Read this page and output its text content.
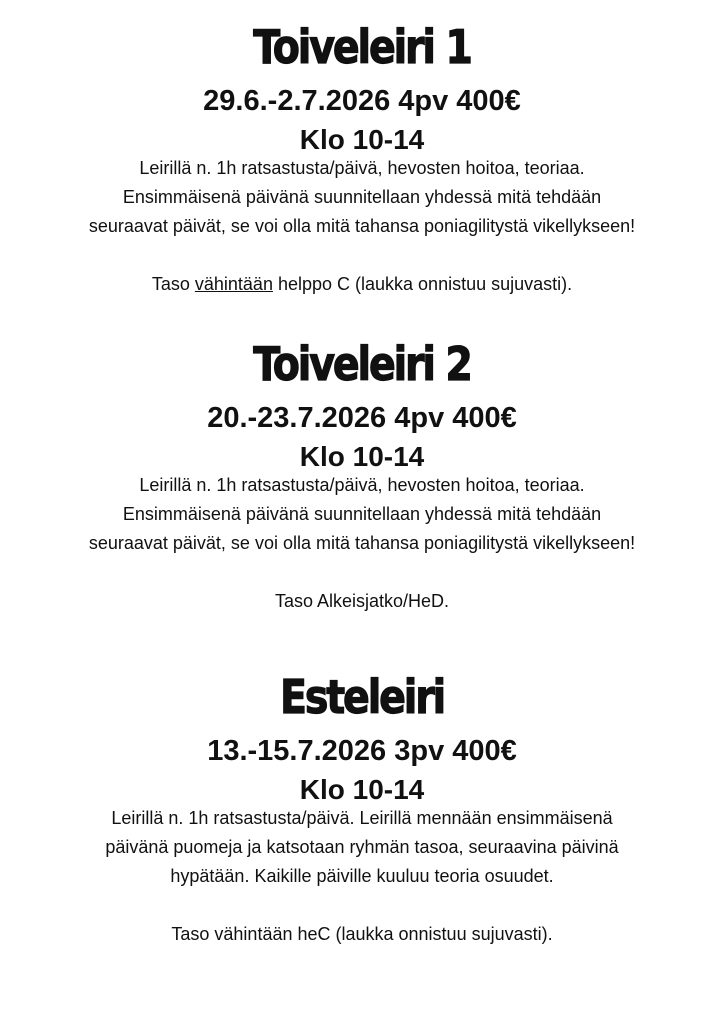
Toiveleiri 1

29.6.-2.7.2026 4pv 400€

Klo 10-14

Leirillä n. 1h ratsastusta/päivä, hevosten hoitoa, teoriaa.
Ensimmäisenä päivänä suunnitellaan yhdessä mitä tehdään
seuraavat päivät, se voi olla mitä tahansa poniagilitystä vikellykseen!

Taso vähintään helppo C (laukka onnistuu sujuvasti).

Toiveleiri 2

20.-23.7.2026 4pv 400€

Klo 10-14

Leirillä n. 1h ratsastusta/päivä, hevosten hoitoa, teoriaa.
Ensimmäisenä päivänä suunnitellaan yhdessä mitä tehdään
seuraavat päivät, se voi olla mitä tahansa poniagilitystä vikellykseen!

Taso Alkeisjatko/HeD.

Esteleiri

13.-15.7.2026 3pv 400€

Klo 10-14

Leirillä n. 1h ratsastusta/päivä. Leirillä mennään ensimmäisenä
päivänä puomeja ja katsotaan ryhmän tasoa, seuraavina päivinä
hypätään. Kaikille päiville kuuluu teoria osuudet.

Taso vähintään heC (laukka onnistuu sujuvasti).
